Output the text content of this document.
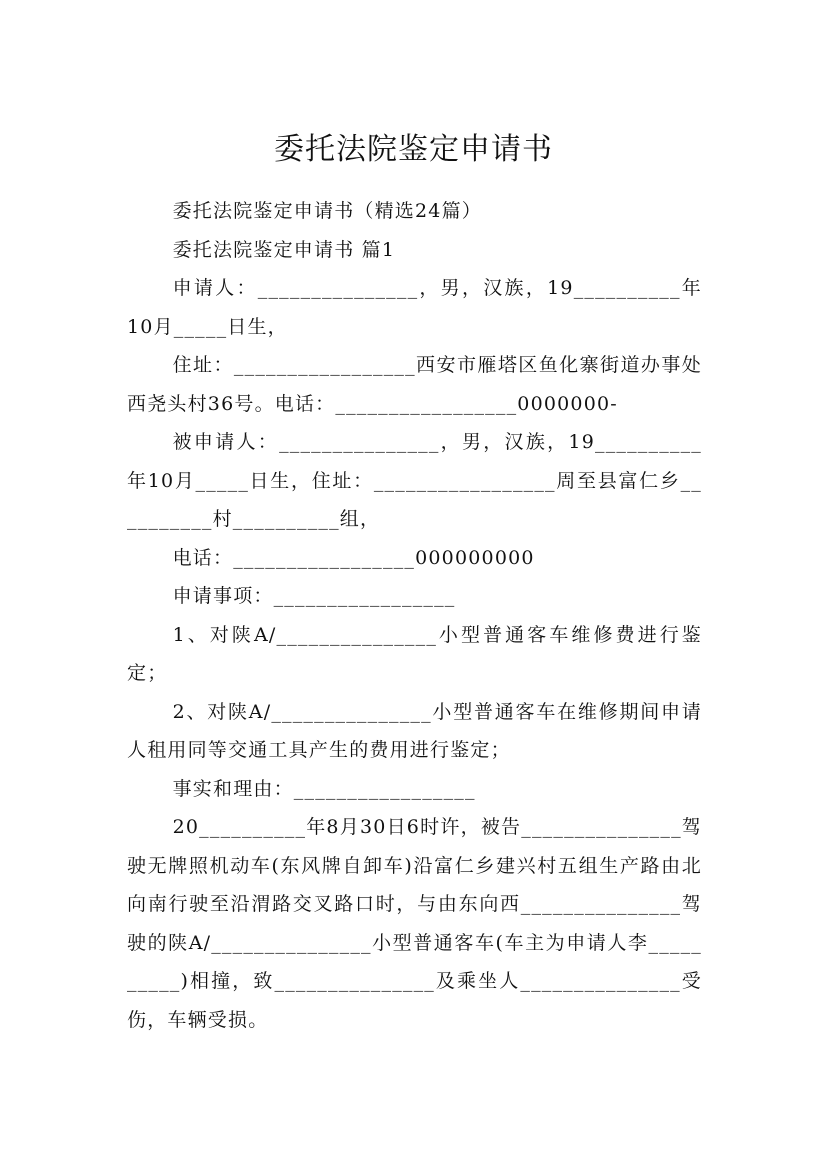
委托法院鉴定申请书

委托法院鉴定申请书（精选24篇）

委托法院鉴定申请书 篇1

申请人：_______________，男，汉族，19__________年10月_____日生，

住址：_________________西安市雁塔区鱼化寨街道办事处西尧头村36号。电话：_________________0000000-

被申请人：_______________，男，汉族，19__________年10月_____日生，住址：_________________周至县富仁乡__________村__________组，

电话：_________________000000000

申请事项：_________________

1、对陕A/_______________小型普通客车维修费进行鉴定；

2、对陕A/_______________小型普通客车在维修期间申请人租用同等交通工具产生的费用进行鉴定；

事实和理由：_________________

20__________年8月30日6时许，被告_______________驾驶无牌照机动车(东风牌自卸车)沿富仁乡建兴村五组生产路由北向南行驶至沿渭路交叉路口时，与由东向西_______________驾驶的陕A/_______________小型普通客车(车主为申请人李__________)相撞，致_______________及乘坐人_______________受伤，车辆受损。
